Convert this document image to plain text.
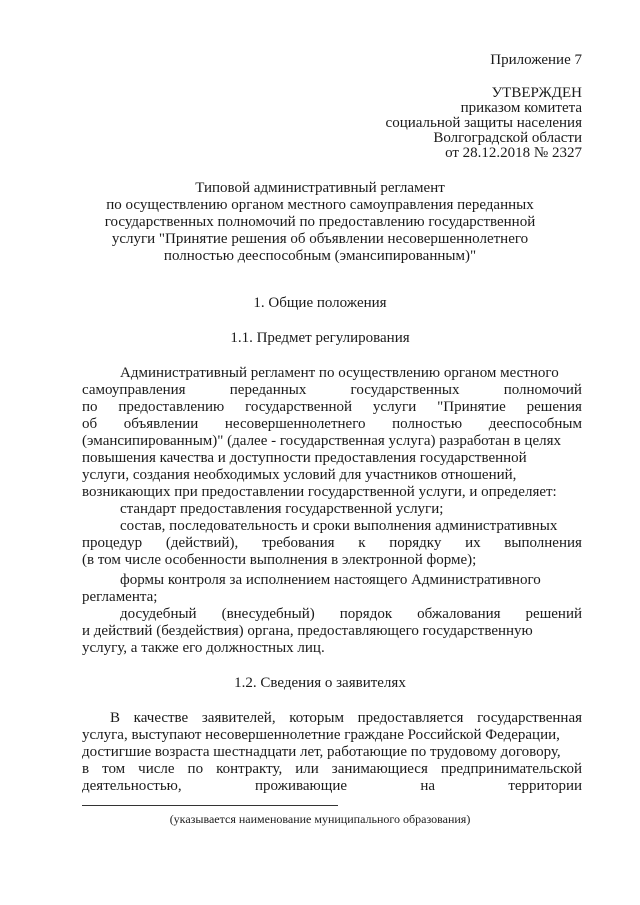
Приложение 7
УТВЕРЖДЕН
приказом комитета
социальной защиты населения
Волгоградской области
от 28.12.2018 № 2327
Типовой административный регламент
по осуществлению органом местного самоуправления переданных
государственных полномочий по предоставлению государственной
услуги "Принятие решения об объявлении несовершеннолетнего
полностью дееспособным (эмансипированным)"
1. Общие положения
1.1. Предмет регулирования
Административный регламент по осуществлению органом местного
самоуправления	переданных	государственных	полномочий
по предоставлению государственной услуги "Принятие решения
об объявлении несовершеннолетнего полностью дееспособным
(эмансипированным)" (далее - государственная услуга) разработан в целях
повышения качества и доступности предоставления государственной
услуги, создания необходимых условий для участников отношений,
возникающих при предоставлении государственной услуги, и определяет:
стандарт предоставления государственной услуги;
состав, последовательность и сроки выполнения административных
процедур (действий), требования к порядку их выполнения
(в том числе особенности выполнения в электронной форме);
формы контроля за исполнением настоящего Административного
регламента;
досудебный (внесудебный) порядок обжалования решений
и действий (бездействия) органа, предоставляющего государственную
услугу, а также его должностных лиц.
1.2. Сведения о заявителях
В качестве заявителей, которым предоставляется государственная
услуга, выступают несовершеннолетние граждане Российской Федерации,
достигшие возраста шестнадцати лет, работающие по трудовому договору,
в том числе по контракту, или занимающиеся предпринимательской
деятельностью,	проживающие	на	территории
(указывается наименование муниципального образования)
